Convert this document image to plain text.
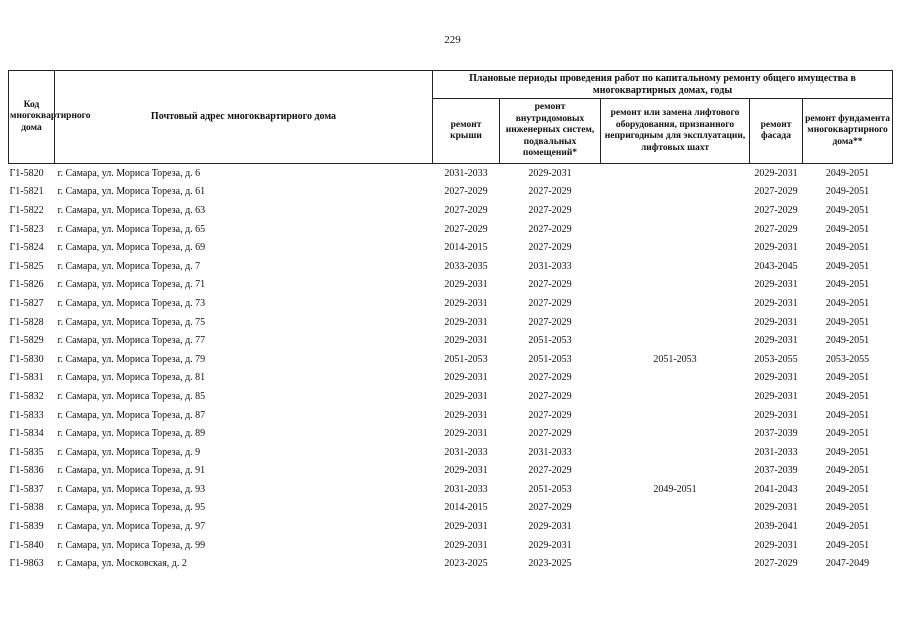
229
Код многоквартирного дома	Почтовый адрес многоквартирного дома	Плановые периоды проведения работ по капитальному ремонту общего имущества в многоквартирных домах, годы				
		ремонт крыши	ремонт внутридомовых инженерных систем, подвальных помещений*	ремонт или замена лифтового оборудования, признанного непригодным для эксплуатации, лифтовых шахт	ремонт фасада	ремонт фундамента многоквартирного дома**
Г1-5820	г. Самара, ул. Мориса Тореза, д. 6	2031-2033	2029-2031		2029-2031	2049-2051
Г1-5821	г. Самара, ул. Мориса Тореза, д. 61	2027-2029	2027-2029		2027-2029	2049-2051
Г1-5822	г. Самара, ул. Мориса Тореза, д. 63	2027-2029	2027-2029		2027-2029	2049-2051
Г1-5823	г. Самара, ул. Мориса Тореза, д. 65	2027-2029	2027-2029		2027-2029	2049-2051
Г1-5824	г. Самара, ул. Мориса Тореза, д. 69	2014-2015	2027-2029		2029-2031	2049-2051
Г1-5825	г. Самара, ул. Мориса Тореза, д. 7	2033-2035	2031-2033		2043-2045	2049-2051
Г1-5826	г. Самара, ул. Мориса Тореза, д. 71	2029-2031	2027-2029		2029-2031	2049-2051
Г1-5827	г. Самара, ул. Мориса Тореза, д. 73	2029-2031	2027-2029		2029-2031	2049-2051
Г1-5828	г. Самара, ул. Мориса Тореза, д. 75	2029-2031	2027-2029		2029-2031	2049-2051
Г1-5829	г. Самара, ул. Мориса Тореза, д. 77	2029-2031	2051-2053		2029-2031	2049-2051
Г1-5830	г. Самара, ул. Мориса Тореза, д. 79	2051-2053	2051-2053	2051-2053	2053-2055	2053-2055
Г1-5831	г. Самара, ул. Мориса Тореза, д. 81	2029-2031	2027-2029		2029-2031	2049-2051
Г1-5832	г. Самара, ул. Мориса Тореза, д. 85	2029-2031	2027-2029		2029-2031	2049-2051
Г1-5833	г. Самара, ул. Мориса Тореза, д. 87	2029-2031	2027-2029		2029-2031	2049-2051
Г1-5834	г. Самара, ул. Мориса Тореза, д. 89	2029-2031	2027-2029		2037-2039	2049-2051
Г1-5835	г. Самара, ул. Мориса Тореза, д. 9	2031-2033	2031-2033		2031-2033	2049-2051
Г1-5836	г. Самара, ул. Мориса Тореза, д. 91	2029-2031	2027-2029		2037-2039	2049-2051
Г1-5837	г. Самара, ул. Мориса Тореза, д. 93	2031-2033	2051-2053	2049-2051	2041-2043	2049-2051
Г1-5838	г. Самара, ул. Мориса Тореза, д. 95	2014-2015	2027-2029		2029-2031	2049-2051
Г1-5839	г. Самара, ул. Мориса Тореза, д. 97	2029-2031	2029-2031		2039-2041	2049-2051
Г1-5840	г. Самара, ул. Мориса Тореза, д. 99	2029-2031	2029-2031		2029-2031	2049-2051
Г1-9863	г. Самара, ул. Московская, д. 2	2023-2025	2023-2025		2027-2029	2047-2049
